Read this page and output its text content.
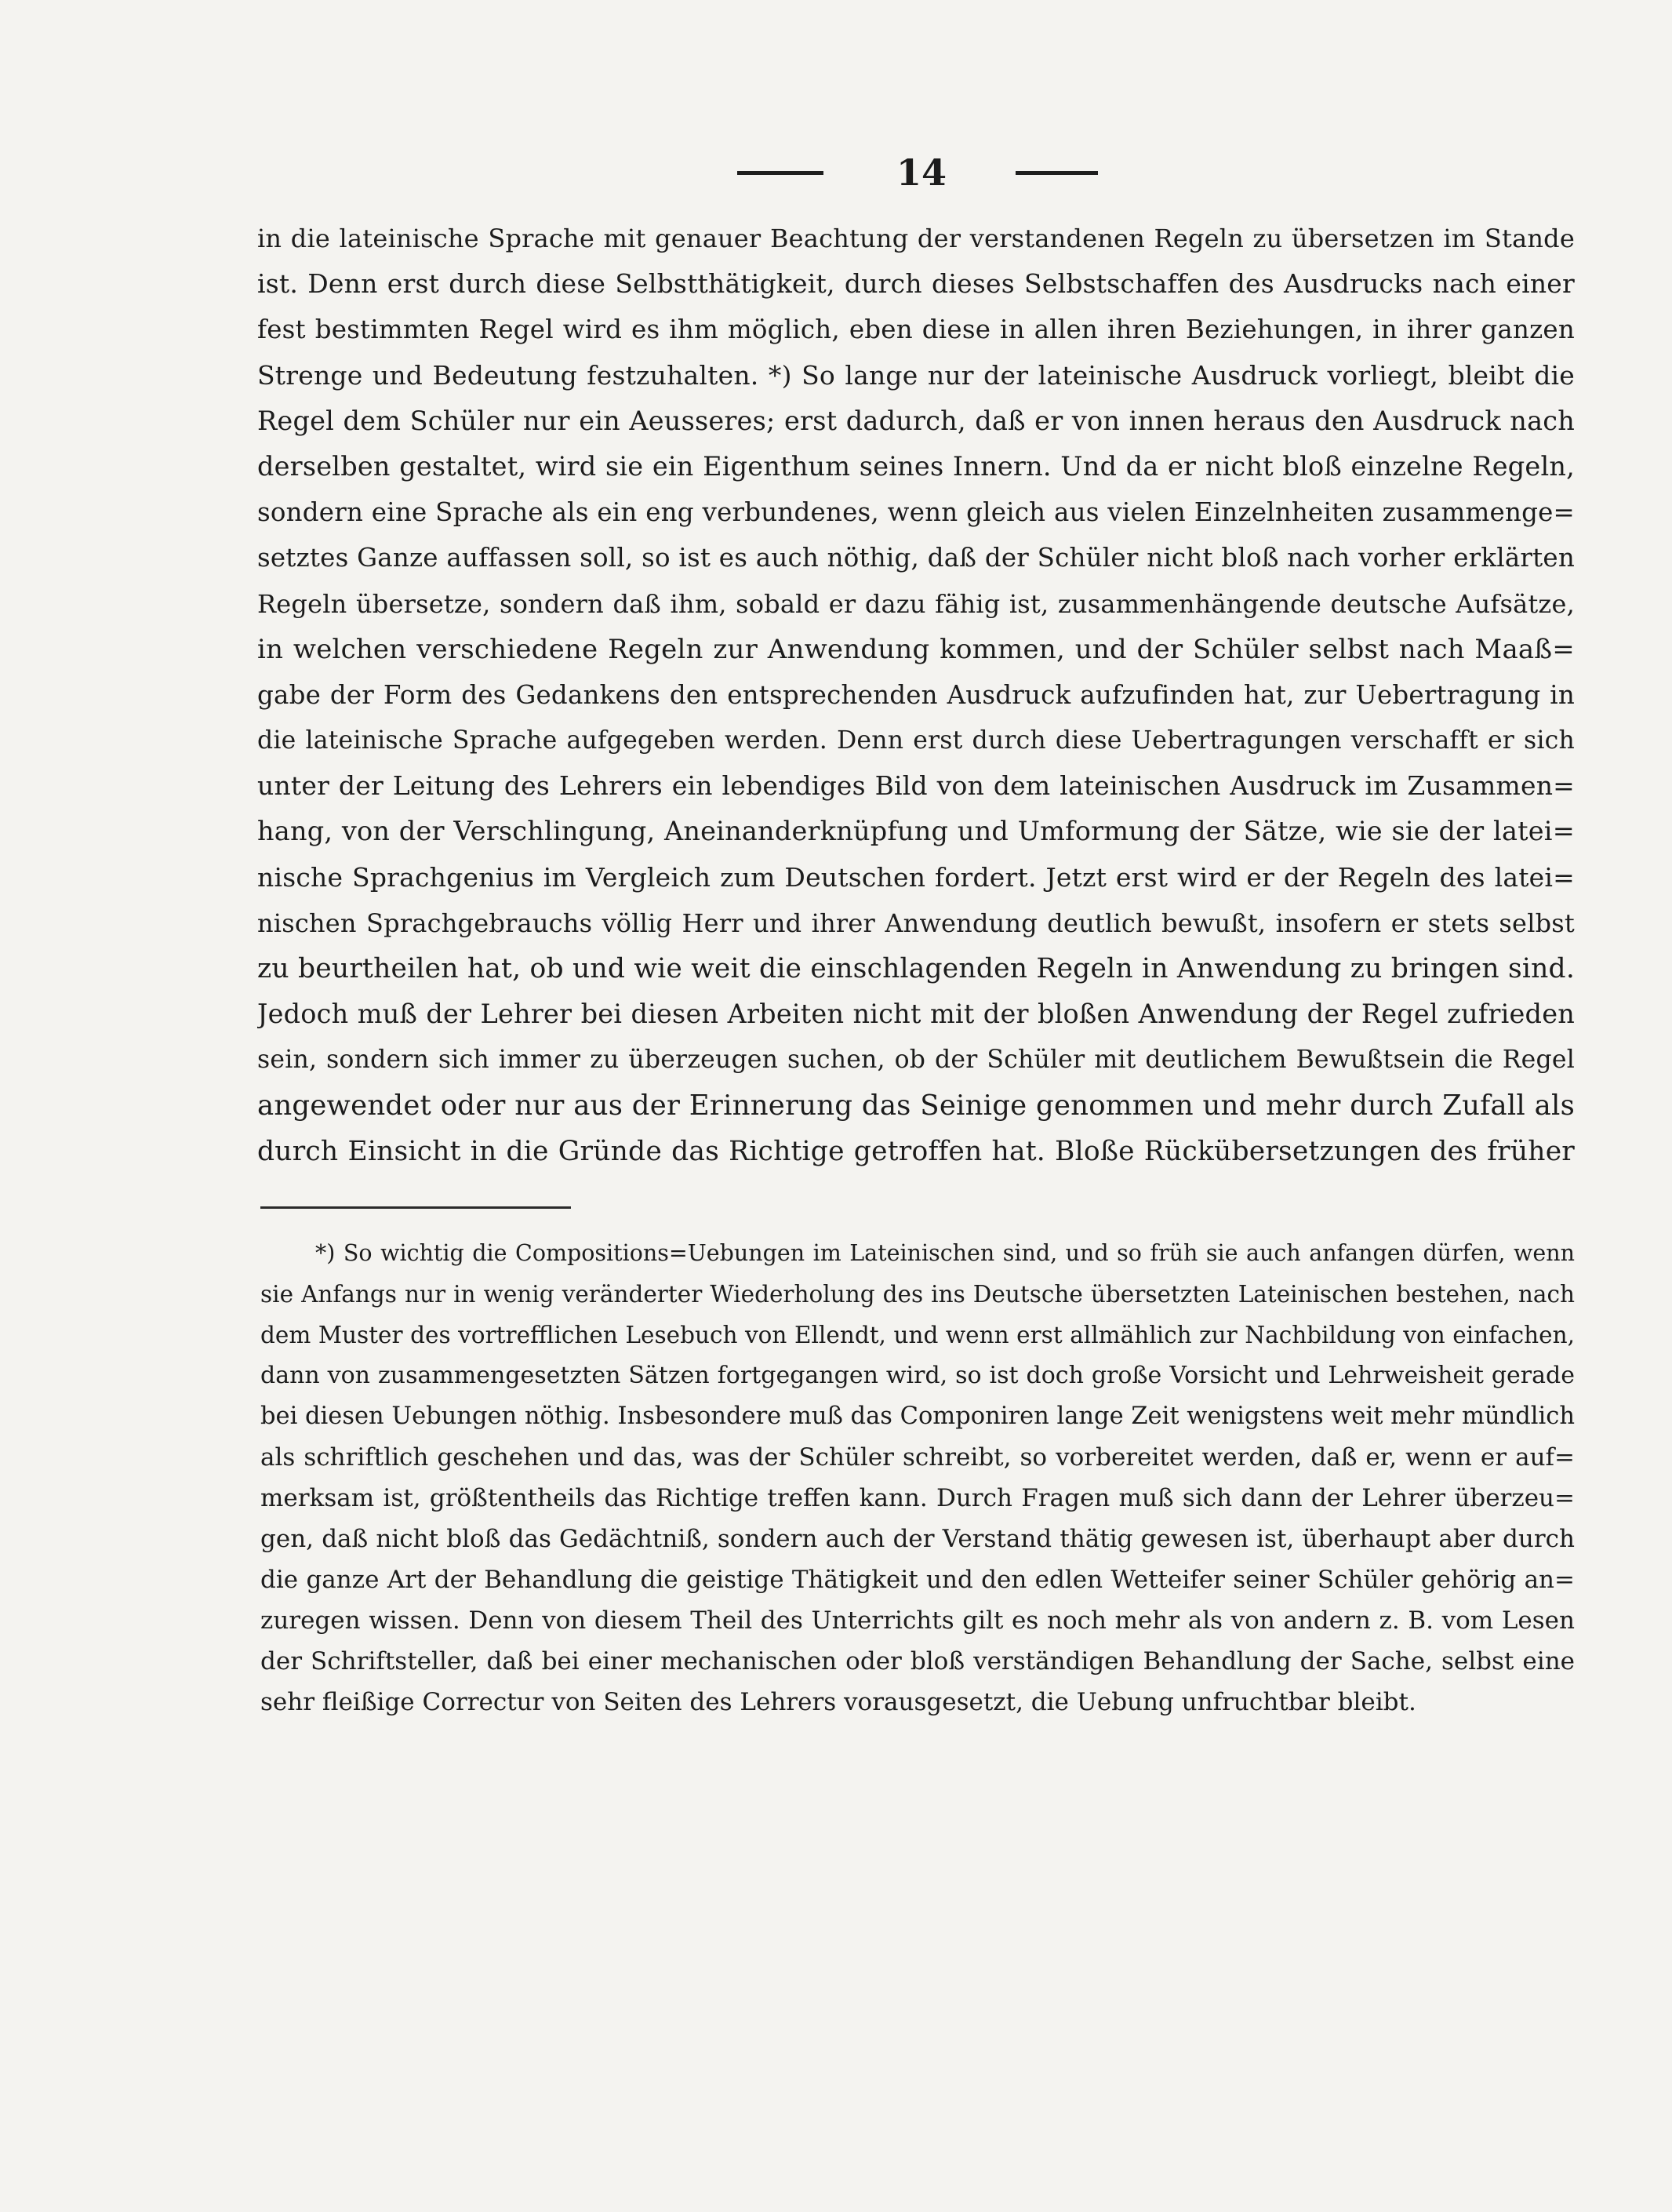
14
in die lateinische Sprache mit genauer Beachtung der verstandenen Regeln zu übersetzen im Stande
ist. Denn erst durch diese Selbstthätigkeit, durch dieses Selbstschaffen des Ausdrucks nach einer
fest bestimmten Regel wird es ihm möglich, eben diese in allen ihren Beziehungen, in ihrer ganzen
Strenge und Bedeutung festzuhalten. *) So lange nur der lateinische Ausdruck vorliegt, bleibt die
Regel dem Schüler nur ein Aeusseres; erst dadurch, daß er von innen heraus den Ausdruck nach
derselben gestaltet, wird sie ein Eigenthum seines Innern. Und da er nicht bloß einzelne Regeln,
sondern eine Sprache als ein eng verbundenes, wenn gleich aus vielen Einzelnheiten zusammenge=
setztes Ganze auffassen soll, so ist es auch nöthig, daß der Schüler nicht bloß nach vorher erklärten
Regeln übersetze, sondern daß ihm, sobald er dazu fähig ist, zusammenhängende deutsche Aufsätze,
in welchen verschiedene Regeln zur Anwendung kommen, und der Schüler selbst nach Maaß=
gabe der Form des Gedankens den entsprechenden Ausdruck aufzufinden hat, zur Uebertragung in
die lateinische Sprache aufgegeben werden. Denn erst durch diese Uebertragungen verschafft er sich
unter der Leitung des Lehrers ein lebendiges Bild von dem lateinischen Ausdruck im Zusammen=
hang, von der Verschlingung, Aneinanderknüpfung und Umformung der Sätze, wie sie der latei=
nische Sprachgenius im Vergleich zum Deutschen fordert. Jetzt erst wird er der Regeln des latei=
nischen Sprachgebrauchs völlig Herr und ihrer Anwendung deutlich bewußt, insofern er stets selbst
zu beurtheilen hat, ob und wie weit die einschlagenden Regeln in Anwendung zu bringen sind.
Jedoch muß der Lehrer bei diesen Arbeiten nicht mit der bloßen Anwendung der Regel zufrieden
sein, sondern sich immer zu überzeugen suchen, ob der Schüler mit deutlichem Bewußtsein die Regel
angewendet oder nur aus der Erinnerung das Seinige genommen und mehr durch Zufall als
durch Einsicht in die Gründe das Richtige getroffen hat. Bloße Rückübersetzungen des früher
*) So wichtig die Compositions=Uebungen im Lateinischen sind, und so früh sie auch anfangen dürfen, wenn
sie Anfangs nur in wenig veränderter Wiederholung des ins Deutsche übersetzten Lateinischen bestehen, nach
dem Muster des vortrefflichen Lesebuch von Ellendt, und wenn erst allmählich zur Nachbildung von einfachen,
dann von zusammengesetzten Sätzen fortgegangen wird, so ist doch große Vorsicht und Lehrweisheit gerade
bei diesen Uebungen nöthig. Insbesondere muß das Componiren lange Zeit wenigstens weit mehr mündlich
als schriftlich geschehen und das, was der Schüler schreibt, so vorbereitet werden, daß er, wenn er auf=
merksam ist, größtentheils das Richtige treffen kann. Durch Fragen muß sich dann der Lehrer überzeu=
gen, daß nicht bloß das Gedächtniß, sondern auch der Verstand thätig gewesen ist, überhaupt aber durch
die ganze Art der Behandlung die geistige Thätigkeit und den edlen Wetteifer seiner Schüler gehörig an=
zuregen wissen. Denn von diesem Theil des Unterrichts gilt es noch mehr als von andern z. B. vom Lesen
der Schriftsteller, daß bei einer mechanischen oder bloß verständigen Behandlung der Sache, selbst eine
sehr fleißige Correctur von Seiten des Lehrers vorausgesetzt, die Uebung unfruchtbar bleibt.
